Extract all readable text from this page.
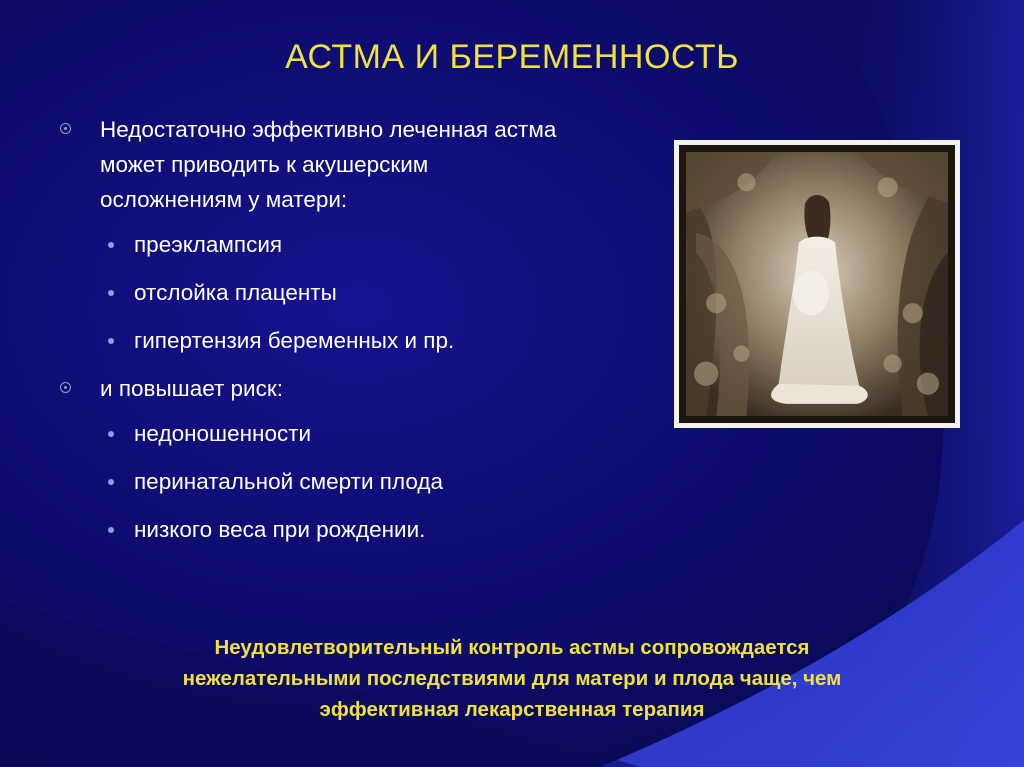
АСТМА И БЕРЕМЕННОСТЬ
Недостаточно эффективно леченная астма может приводить к акушерским осложнениям у матери:
преэклампсия
отслойка плаценты
гипертензия беременных и пр.
и повышает риск:
недоношенности
перинатальной смерти плода
низкого веса при рождении.
Неудовлетворительный контроль астмы сопровождается нежелательными последствиями для матери и плода чаще, чем эффективная лекарственная терапия
